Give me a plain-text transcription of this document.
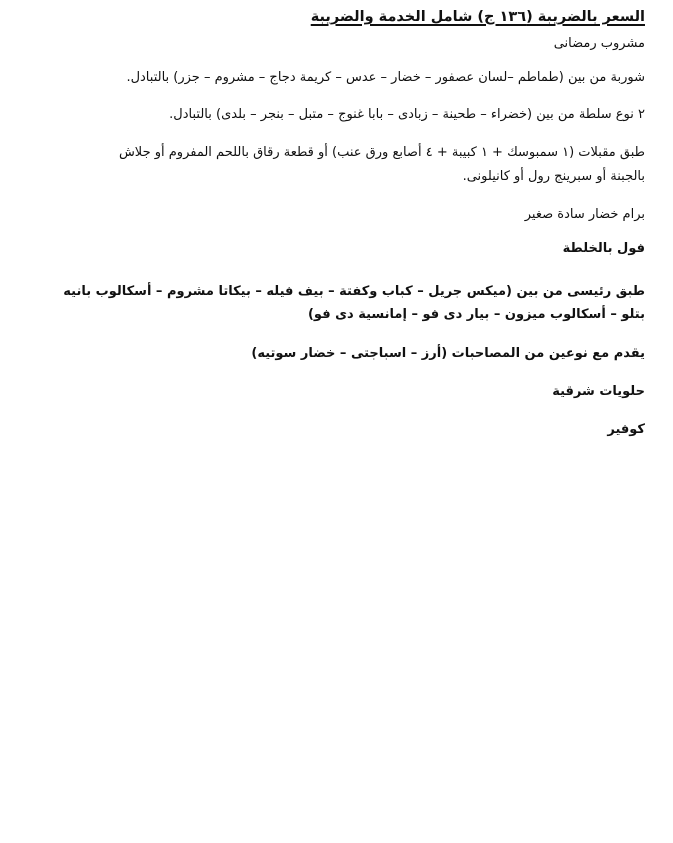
السعر بالضريبة (١٣٦ ج) شامل الخدمة والضريبة
مشروب رمضانى
شوربة من بين (طماطم –لسان عصفور – خضار – عدس – كريمة دجاج – مشروم – جزر) بالتبادل.
٢ نوع سلطة من بين (خضراء – طحينة – زبادى – بابا غنوج – متبل – بنجر – بلدى) بالتبادل.
طبق مقبلات (١ سمبوسك + ١ كبيبة + ٤ أصابع ورق عنب) أو قطعة رقاق باللحم المفروم أو جلاش
بالجبنة أو سبرينج رول أو كانيلونى.
برام خضار سادة صغير
فول بالخلطة
طبق رئيسى من بين (ميكس جريل – كباب وكفتة – بيف فيله – بيكاتا مشروم – أسكالوب بانيه
بتلو – أسكالوب ميزون – بيار دى فو – إمانسية دى فو)
يقدم مع نوعين من المصاحبات (أرز – اسباجتى – خضار سوتيه)
حلويات شرقية
كوفير
